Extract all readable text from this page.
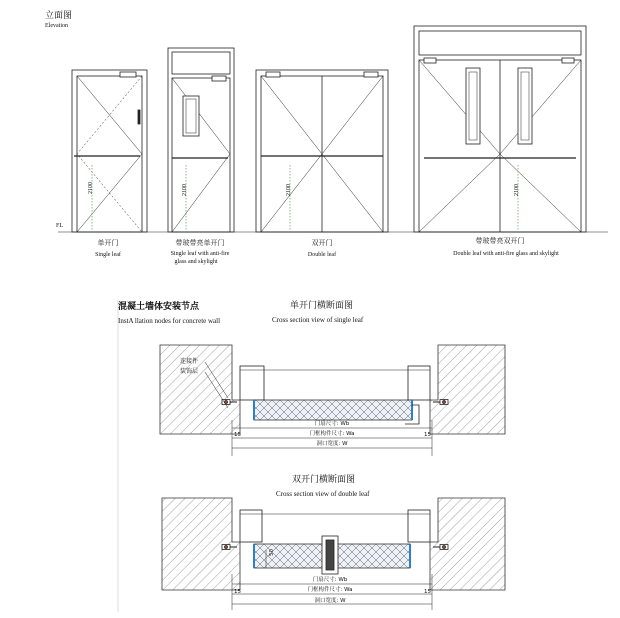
立面图
Elevation
FL
2100	2100	2100	2100
单开门
Single leaf
带玻带亮单开门
Single leaf with anti-fire
glass and skylight
双开门
Double leaf
带玻带亮双开门
Double leaf with anti-fire glass and skylight
混凝土墙体安装节点
InstA llation nodes for concrete wall
单开门横断面图
Cross section view of single leaf
连接件
装饰层
门扇尺寸: Wb
门框构件尺寸: Wa
洞口宽度: W
15	15
双开门横断面图
Cross section view of double leaf
50
门扇尺寸: Wb
门框构件尺寸: Wa
洞口宽度: W
15	15
